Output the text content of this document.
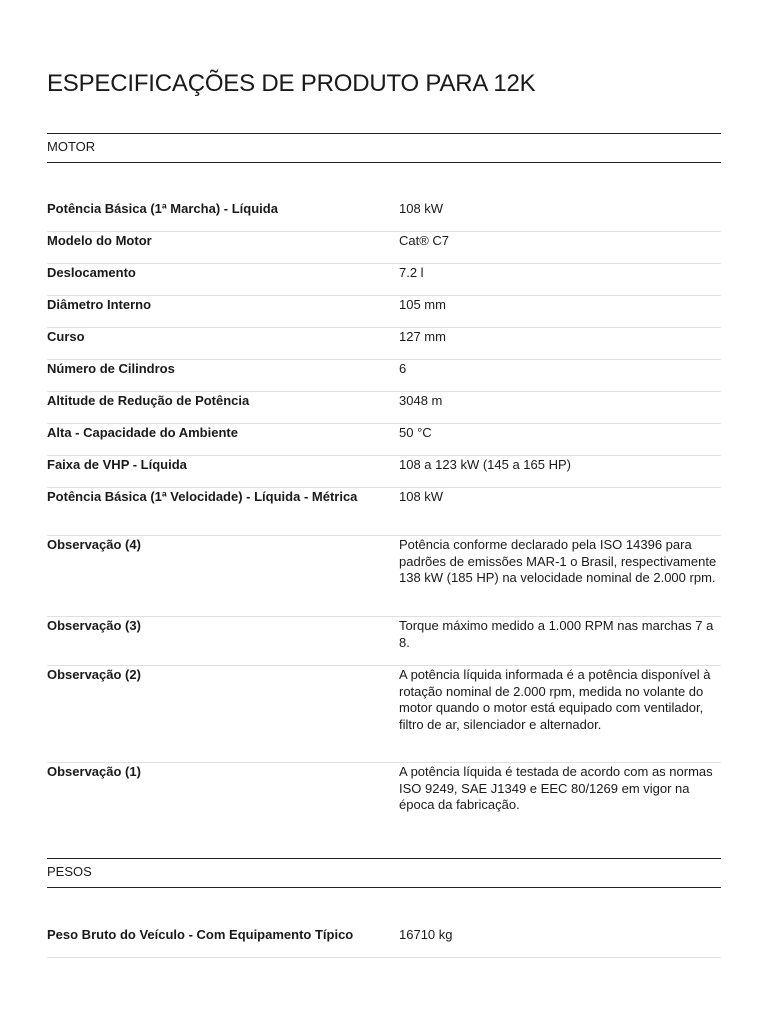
ESPECIFICAÇÕES DE PRODUTO PARA 12K
MOTOR
Potência Básica (1ª Marcha) - Líquida	108 kW
Modelo do Motor	Cat® C7
Deslocamento	7.2 l
Diâmetro Interno	105 mm
Curso	127 mm
Número de Cilindros	6
Altitude de Redução de Potência	3048 m
Alta - Capacidade do Ambiente	50 °C
Faixa de VHP - Líquida	108 a 123 kW (145 a 165 HP)
Potência Básica (1ª Velocidade) - Líquida - Métrica	108 kW
Observação (4)	Potência conforme declarado pela ISO 14396 para padrões de emissões MAR-1 o Brasil, respectivamente 138 kW (185 HP) na velocidade nominal de 2.000 rpm.
Observação (3)	Torque máximo medido a 1.000 RPM nas marchas 7 a 8.
Observação (2)	A potência líquida informada é a potência disponível à rotação nominal de 2.000 rpm, medida no volante do motor quando o motor está equipado com ventilador, filtro de ar, silenciador e alternador.
Observação (1)	A potência líquida é testada de acordo com as normas ISO 9249, SAE J1349 e EEC 80/1269 em vigor na época da fabricação.
PESOS
Peso Bruto do Veículo - Com Equipamento Típico	16710 kg
